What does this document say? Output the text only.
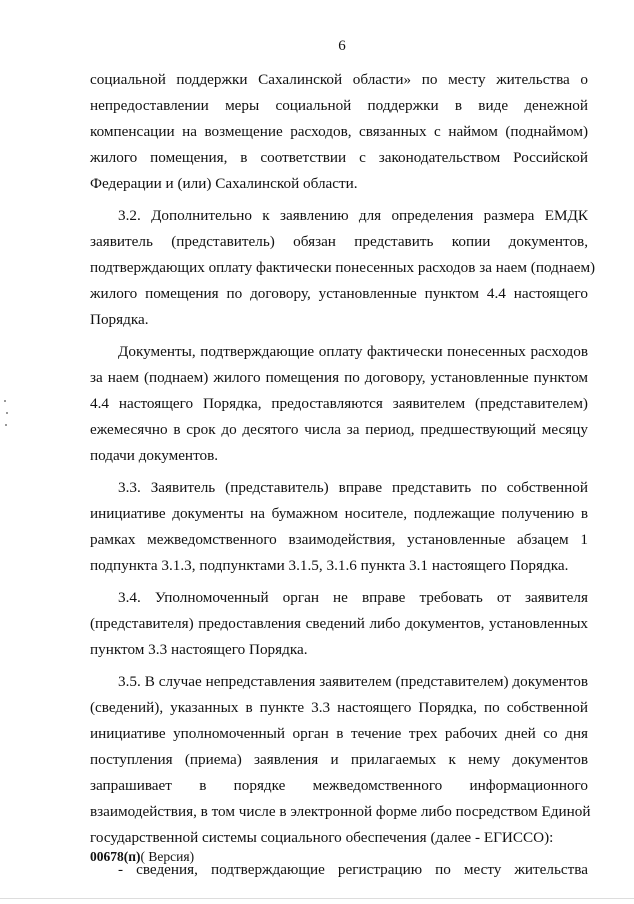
6
социальной поддержки Сахалинской области» по месту жительства о
непредоставлении меры социальной поддержки в виде денежной
компенсации на возмещение расходов, связанных с наймом (поднаймом)
жилого помещения, в соответствии с законодательством Российской
Федерации и (или) Сахалинской области.
3.2. Дополнительно к заявлению для определения размера ЕМДК
заявитель (представитель) обязан представить копии документов,
подтверждающих оплату фактически понесенных расходов за наем (поднаем)
жилого помещения по договору, установленные пунктом 4.4 настоящего
Порядка.
Документы, подтверждающие оплату фактически понесенных расходов
за наем (поднаем) жилого помещения по договору, установленные пунктом
4.4 настоящего Порядка, предоставляются заявителем (представителем)
ежемесячно в срок до десятого числа за период, предшествующий месяцу
подачи документов.
3.3. Заявитель (представитель) вправе представить по собственной
инициативе документы на бумажном носителе, подлежащие получению в
рамках межведомственного взаимодействия, установленные абзацем 1
подпункта 3.1.3, подпунктами 3.1.5, 3.1.6 пункта 3.1 настоящего Порядка.
3.4. Уполномоченный орган не вправе требовать от заявителя
(представителя) предоставления сведений либо документов, установленных
пунктом 3.3 настоящего Порядка.
3.5. В случае непредставления заявителем (представителем) документов
(сведений), указанных в пункте 3.3 настоящего Порядка, по собственной
инициативе уполномоченный орган в течение трех рабочих дней со дня
поступления (приема) заявления и прилагаемых к нему документов
запрашивает в порядке межведомственного информационного
взаимодействия, в том числе в электронной форме либо посредством Единой
государственной системы социального обеспечения (далее - ЕГИССО):
- сведения, подтверждающие регистрацию по месту жительства
00678(п)( Версия)
